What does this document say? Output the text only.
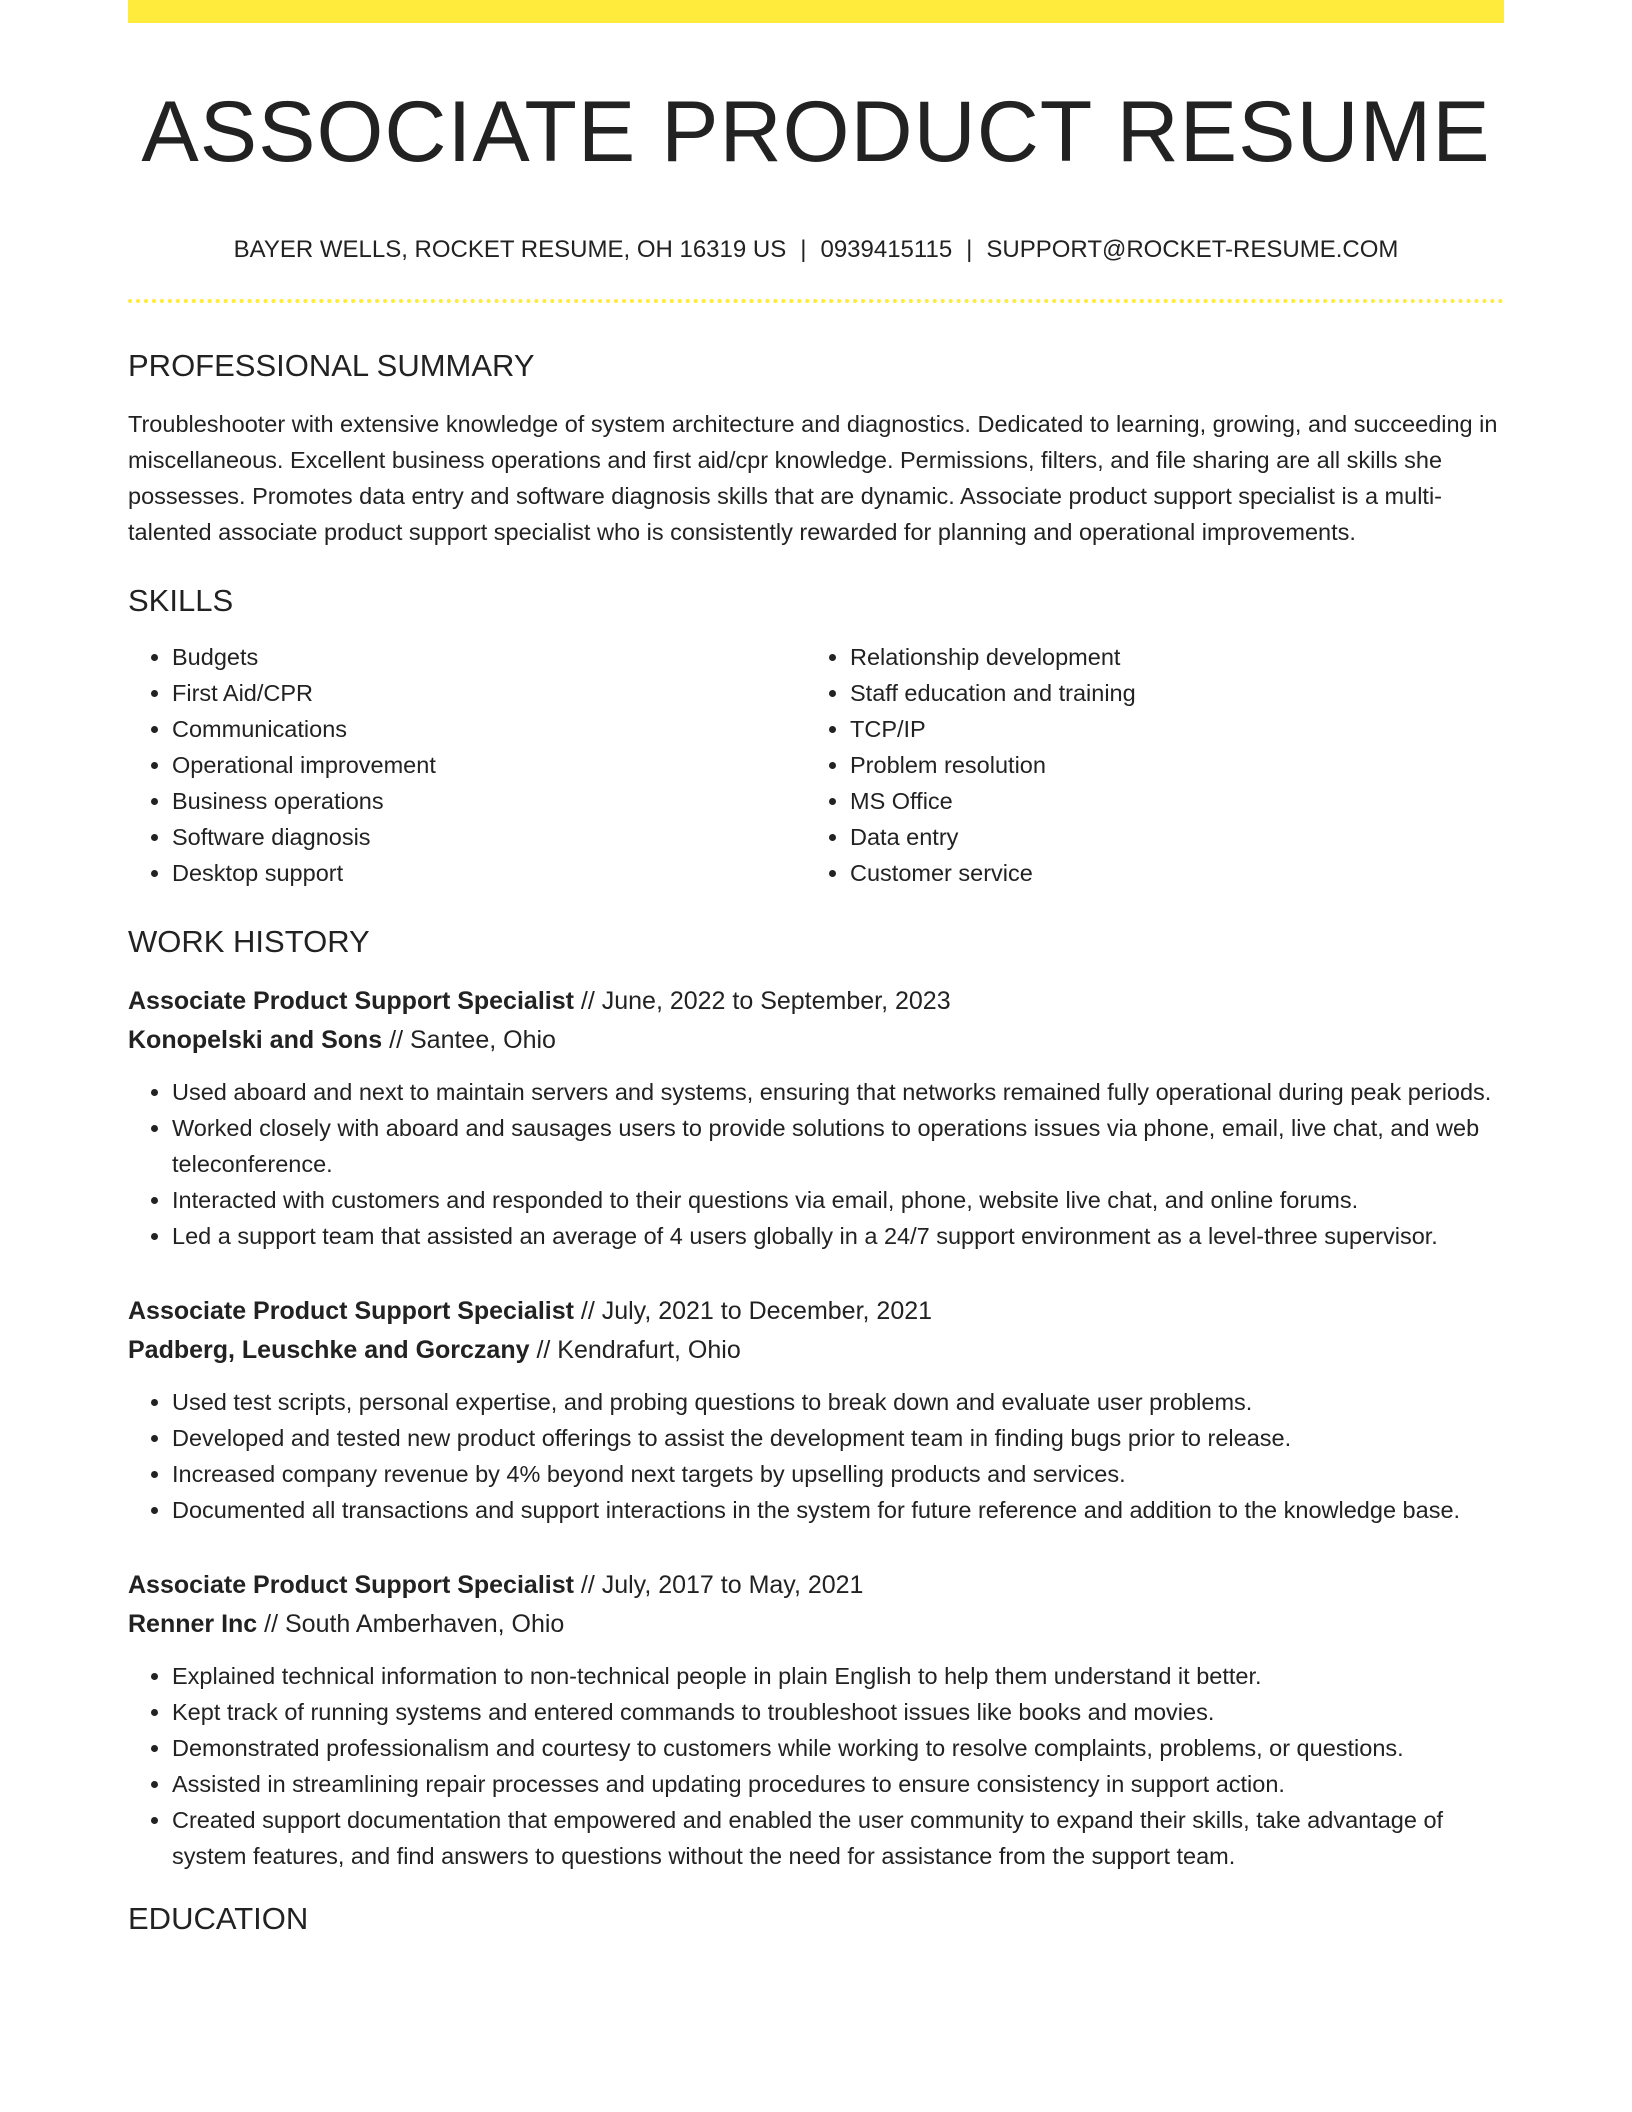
ASSOCIATE PRODUCT RESUME
BAYER WELLS, ROCKET RESUME, OH 16319 US | 0939415115 | SUPPORT@ROCKET-RESUME.COM
PROFESSIONAL SUMMARY

Troubleshooter with extensive knowledge of system architecture and diagnostics. Dedicated to learning, growing, and succeeding in miscellaneous. Excellent business operations and first aid/cpr knowledge. Permissions, filters, and file sharing are all skills she possesses. Promotes data entry and software diagnosis skills that are dynamic. Associate product support specialist is a multi-talented associate product support specialist who is consistently rewarded for planning and operational improvements.

SKILLS
• Budgets
• First Aid/CPR
• Communications
• Operational improvement
• Business operations
• Software diagnosis
• Desktop support
• Relationship development
• Staff education and training
• TCP/IP
• Problem resolution
• MS Office
• Data entry
• Customer service
WORK HISTORY
Associate Product Support Specialist // June, 2022 to September, 2023
Konopelski and Sons // Santee, Ohio
• Used aboard and next to maintain servers and systems, ensuring that networks remained fully operational during peak periods.
• Worked closely with aboard and sausages users to provide solutions to operations issues via phone, email, live chat, and web teleconference.
• Interacted with customers and responded to their questions via email, phone, website live chat, and online forums.
• Led a support team that assisted an average of 4 users globally in a 24/7 support environment as a level-three supervisor.
Associate Product Support Specialist // July, 2021 to December, 2021
Padberg, Leuschke and Gorczany // Kendrafurt, Ohio
• Used test scripts, personal expertise, and probing questions to break down and evaluate user problems.
• Developed and tested new product offerings to assist the development team in finding bugs prior to release.
• Increased company revenue by 4% beyond next targets by upselling products and services.
• Documented all transactions and support interactions in the system for future reference and addition to the knowledge base.
Associate Product Support Specialist // July, 2017 to May, 2021
Renner Inc // South Amberhaven, Ohio
• Explained technical information to non-technical people in plain English to help them understand it better.
• Kept track of running systems and entered commands to troubleshoot issues like books and movies.
• Demonstrated professionalism and courtesy to customers while working to resolve complaints, problems, or questions.
• Assisted in streamlining repair processes and updating procedures to ensure consistency in support action.
• Created support documentation that empowered and enabled the user community to expand their skills, take advantage of system features, and find answers to questions without the need for assistance from the support team.
EDUCATION
